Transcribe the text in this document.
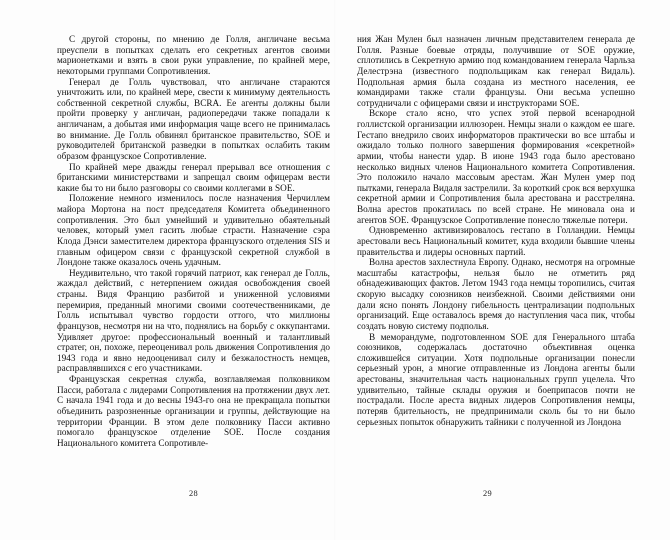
С другой стороны, по мнению де Голля, англичане весьма преуспели в попытках сделать его секретных агентов своими марионетками и взять в свои руки управление, по крайней мере, некоторыми группами Сопротивления.

Генерал де Голль чувствовал, что англичане стараются уничтожить или, по крайней мере, свести к минимуму деятельность собственной секретной службы, BCRA. Ее агенты должны были пройти проверку у англичан, радиопередачи также попадали к англичанам, а добытая ими информация чаще всего не принималась во внимание. Де Голль обвинял британское правительство, SOE и руководителей британской разведки в попытках ослабить таким образом французское Сопротивление.

По крайней мере дважды генерал прерывал все отношения с британскими министерствами и запрещал своим офицерам вести какие бы то ни было разговоры со своими коллегами в SOE.

Положение немного изменилось после назначения Черчиллем майора Мортона на пост председателя Комитета объединенного сопротивления. Это был умнейший и удивительно обаятельный человек, который умел гасить любые страсти. Назначение сэра Клода Дэнси заместителем директора французского отделения SIS и главным офицером связи с французской секретной службой в Лондоне также оказалось очень удачным.

Неудивительно, что такой горячий патриот, как генерал де Голль, жаждал действий, с нетерпением ожидая освобождения своей страны. Видя Францию разбитой и униженной условиями перемирия, преданный многими своими соотечественниками, де Голль испытывал чувство гордости оттого, что миллионы французов, несмотря ни на что, поднялись на борьбу с оккупантами. Удивляет другое: профессиональный военный и талантливый стратег, он, похоже, переоценивал роль движения Сопротивления до 1943 года и явно недооценивал силу и безжалостность немцев, расправлявшихся с его участниками.

Французская секретная служба, возглавляемая полковником Пасси, работала с лидерами Сопротивления на протяжении двух лет. С начала 1941 года и до весны 1943-го она не прекращала попытки объединить разрозненные организации и группы, действующие на территории Франции. В этом деле полковнику Пасси активно помогало французское отделение SOE. После создания Национального комитета Сопротивле-

28

ния Жан Мулен был назначен личным представителем генерала де Голля. Разные боевые отряды, получившие от SOE оружие, сплотились в Секретную армию под командованием генерала Чарльза Делестрэна (известного подпольщикам как генерал Видаль). Подпольная армия была создана из местного населения, ее командирами также стали французы. Они весьма успешно сотрудничали с офицерами связи и инструкторами SOE.

Вскоре стало ясно, что успех этой первой всенародной голлистской организации иллюзорен. Немцы знали о каждом ее шаге. Гестапо внедрило своих информаторов практически во все штабы и ожидало только полного завершения формирования «секретной» армии, чтобы нанести удар. В июне 1943 года было арестовано несколько видных членов Национального комитета Сопротивления. Это положило начало массовым арестам. Жан Мулен умер под пытками, генерала Видаля застрелили. За короткий срок вся верхушка секретной армии и Сопротивления была арестована и расстреляна. Волна арестов прокатилась по всей стране. Не миновала она и агентов SOE. Французское Сопротивление понесло тяжелые потери.

Одновременно активизировалось гестапо в Голландии. Немцы арестовали весь Национальный комитет, куда входили бывшие члены правительства и лидеры основных партий.

Волна арестов захлестнула Европу. Однако, несмотря на огромные масштабы катастрофы, нельзя было не отметить ряд обнадеживающих фактов. Летом 1943 года немцы торопились, считая скорую высадку союзников неизбежной. Своими действиями они дали ясно понять Лондону гибельность централизации подпольных организаций. Еще оставалось время до наступления часа пик, чтобы создать новую систему подполья.

В меморандуме, подготовленном SOE для Генерального штаба союзников, содержалась достаточно объективная оценка сложившейся ситуации. Хотя подпольные организации понесли серьезный урон, а многие отправленные из Лондона агенты были арестованы, значительная часть национальных групп уцелела. Что удивительно, тайные склады оружия и боеприпасов почти не пострадали. После ареста видных лидеров Сопротивления немцы, потеряв бдительность, не предпринимали сколь бы то ни было серьезных попыток обнаружить тайники с полученной из Лондона

29
